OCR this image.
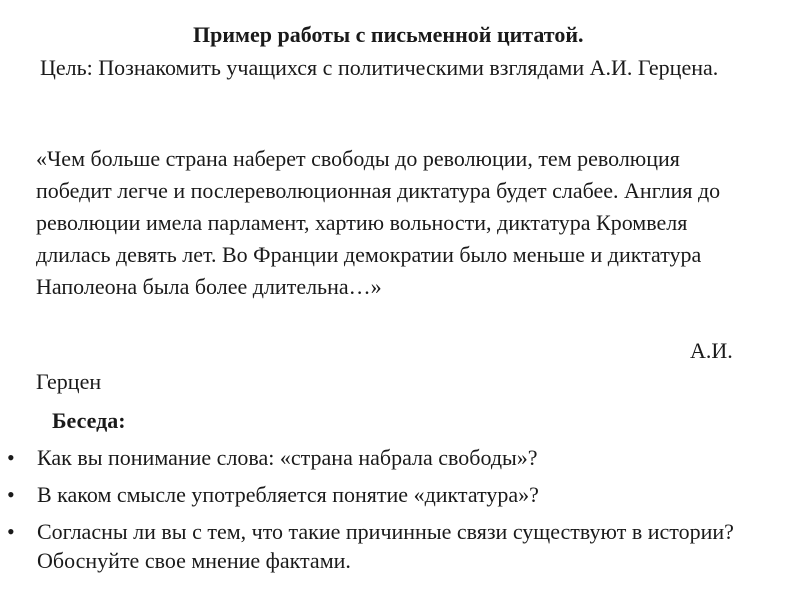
Пример работы с письменной цитатой.
Цель: Познакомить учащихся с политическими взглядами А.И. Герцена.
«Чем больше страна наберет свободы до революции, тем революция победит легче и послереволюционная диктатура будет слабее. Англия до революции имела парламент, хартию вольности, диктатура Кромвеля длилась девять лет. Во Франции демократии было меньше и диктатура Наполеона была более длительна…»
А.И.
Герцен
Беседа:
• Как вы понимание слова: «страна набрала свободы»?
• В каком смысле употребляется понятие «диктатура»?
• Согласны ли вы с тем, что такие причинные связи существуют в истории? Обоснуйте свое мнение фактами.
